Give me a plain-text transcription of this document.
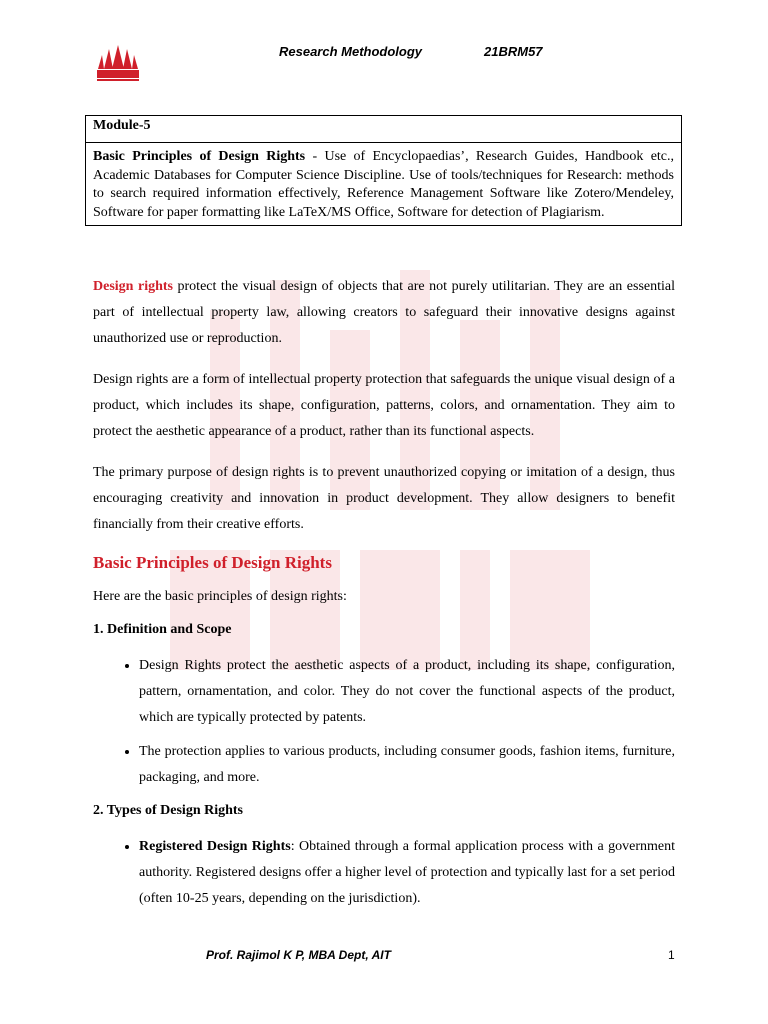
Research Methodology	21BRM57
Module-5
Basic Principles of Design Rights - Use of Encyclopaedias’, Research Guides, Handbook etc., Academic Databases for Computer Science Discipline. Use of tools/techniques for Research: methods to search required information effectively, Reference Management Software like Zotero/Mendeley, Software for paper formatting like LaTeX/MS Office, Software for detection of Plagiarism.

Design rights protect the visual design of objects that are not purely utilitarian. They are an essential part of intellectual property law, allowing creators to safeguard their innovative designs against unauthorized use or reproduction.

Design rights are a form of intellectual property protection that safeguards the unique visual design of a product, which includes its shape, configuration, patterns, colors, and ornamentation. They aim to protect the aesthetic appearance of a product, rather than its functional aspects.

The primary purpose of design rights is to prevent unauthorized copying or imitation of a design, thus encouraging creativity and innovation in product development. They allow designers to benefit financially from their creative efforts.

Basic Principles of Design Rights

Here are the basic principles of design rights:

1. Definition and Scope
• Design Rights protect the aesthetic aspects of a product, including its shape, configuration, pattern, ornamentation, and color. They do not cover the functional aspects of the product, which are typically protected by patents.
• The protection applies to various products, including consumer goods, fashion items, furniture, packaging, and more.
2. Types of Design Rights
• Registered Design Rights: Obtained through a formal application process with a government authority. Registered designs offer a higher level of protection and typically last for a set period (often 10-25 years, depending on the jurisdiction).
Prof. Rajimol K P, MBA Dept, AIT	1
